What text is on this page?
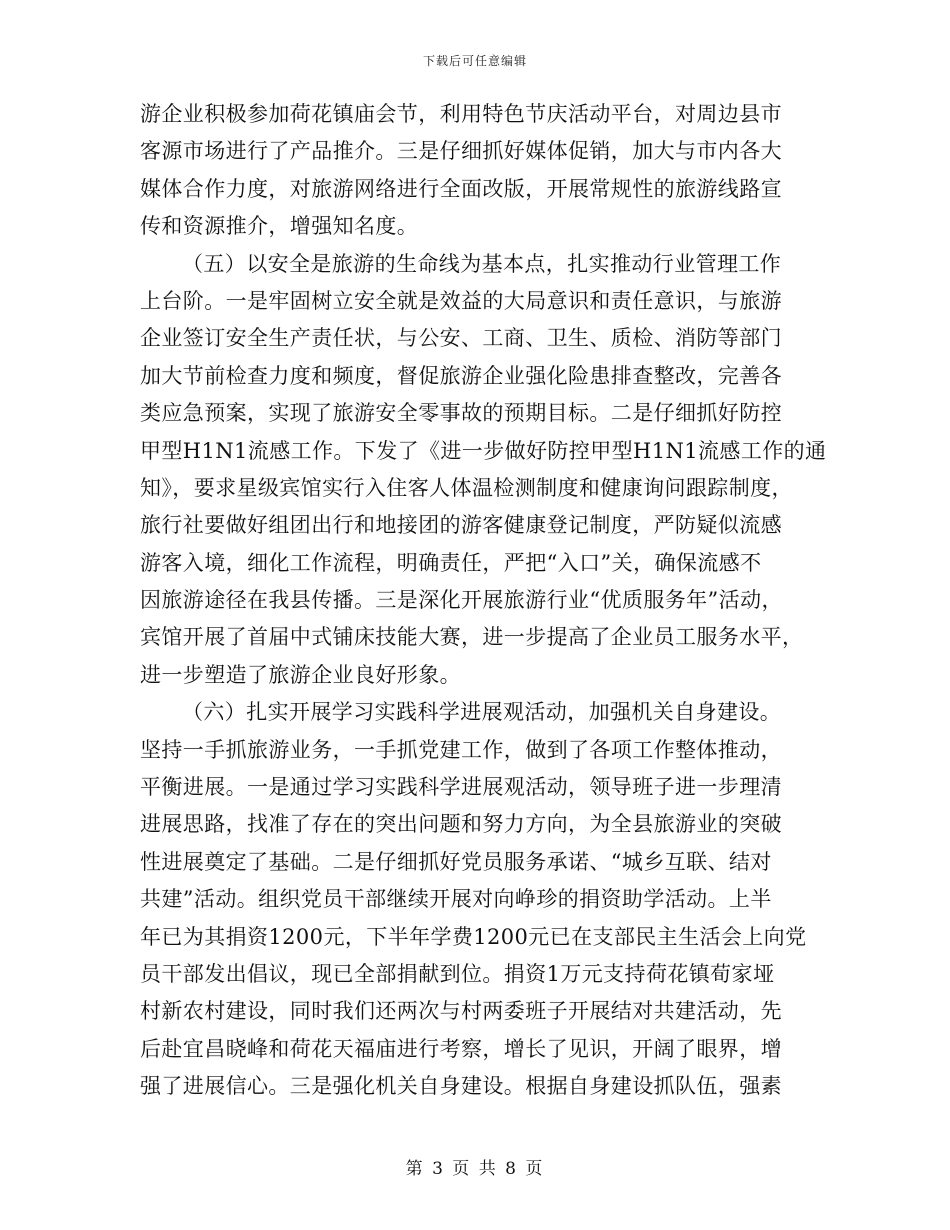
下载后可任意编辑
游企业积极参加荷花镇庙会节，利用特色节庆活动平台，对周边县市
客源市场进行了产品推介。三是仔细抓好媒体促销，加大与市内各大
媒体合作力度，对旅游网络进行全面改版，开展常规性的旅游线路宣
传和资源推介，增强知名度。
（五）以安全是旅游的生命线为基本点，扎实推动行业管理工作
上台阶。一是牢固树立安全就是效益的大局意识和责任意识，与旅游
企业签订安全生产责任状，与公安、工商、卫生、质检、消防等部门
加大节前检查力度和频度，督促旅游企业强化险患排查整改，完善各
类应急预案，实现了旅游安全零事故的预期目标。二是仔细抓好防控
甲型H1N1流感工作。下发了《进一步做好防控甲型H1N1流感工作的通
知》，要求星级宾馆实行入住客人体温检测制度和健康询问跟踪制度，
旅行社要做好组团出行和地接团的游客健康登记制度，严防疑似流感
游客入境，细化工作流程，明确责任，严把“入口”关，确保流感不
因旅游途径在我县传播。三是深化开展旅游行业“优质服务年”活动，
宾馆开展了首届中式铺床技能大赛，进一步提高了企业员工服务水平，
进一步塑造了旅游企业良好形象。
（六）扎实开展学习实践科学进展观活动，加强机关自身建设。
坚持一手抓旅游业务，一手抓党建工作，做到了各项工作整体推动，
平衡进展。一是通过学习实践科学进展观活动，领导班子进一步理清
进展思路，找准了存在的突出问题和努力方向，为全县旅游业的突破
性进展奠定了基础。二是仔细抓好党员服务承诺、“城乡互联、结对
共建”活动。组织党员干部继续开展对向峥珍的捐资助学活动。上半
年已为其捐资1200元，下半年学费1200元已在支部民主生活会上向党
员干部发出倡议，现已全部捐献到位。捐资1万元支持荷花镇荀家垭
村新农村建设，同时我们还两次与村两委班子开展结对共建活动，先
后赴宜昌晓峰和荷花天福庙进行考察，增长了见识，开阔了眼界，增
强了进展信心。三是强化机关自身建设。根据自身建设抓队伍，强素
第 3 页 共 8 页
